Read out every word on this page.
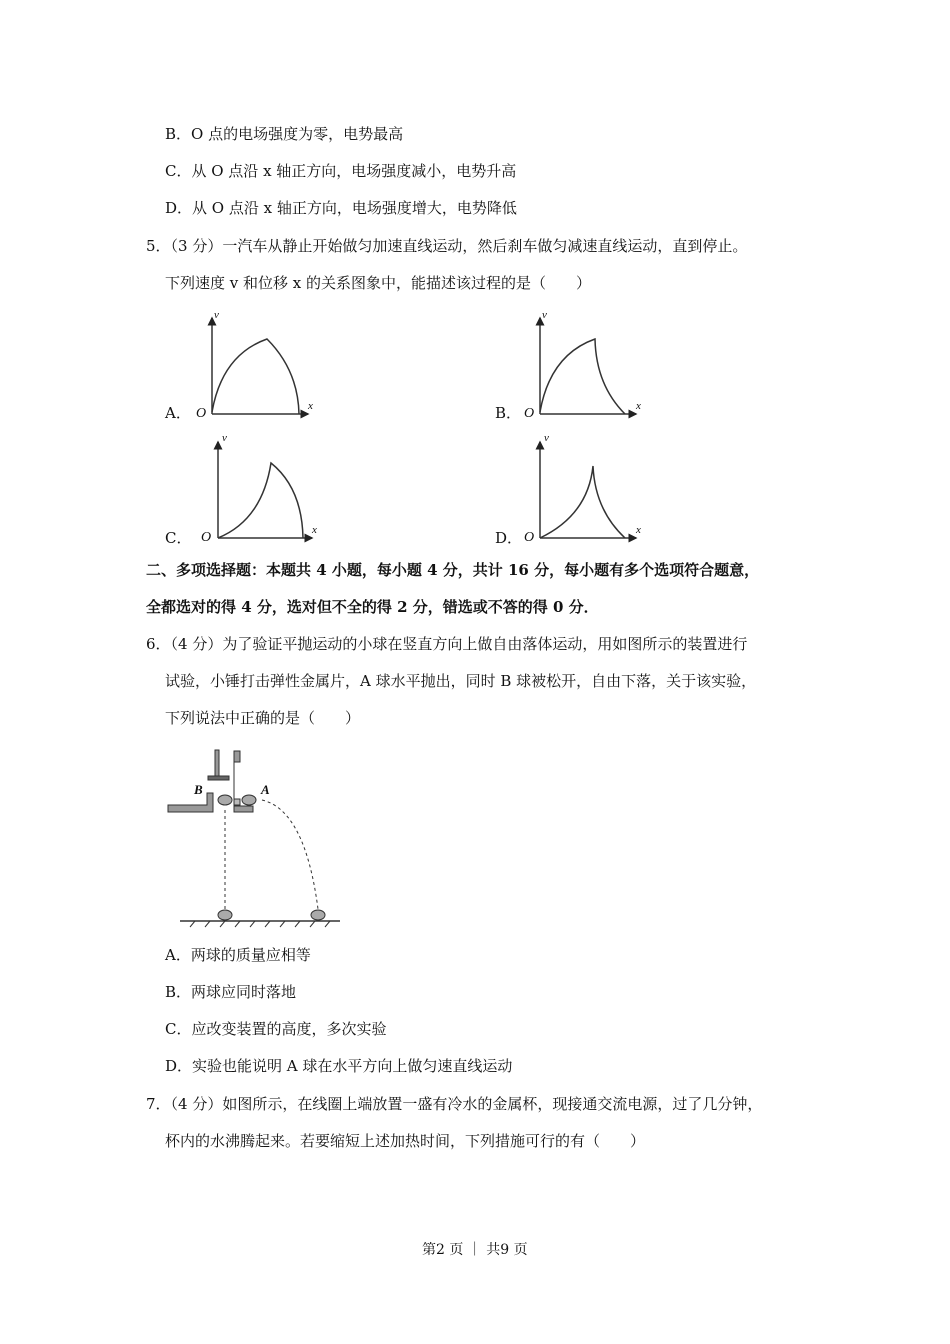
B．O 点的电场强度为零，电势最高
C．从 O 点沿 x 轴正方向，电场强度减小，电势升高
D．从 O 点沿 x 轴正方向，电场强度增大，电势降低
5．（3 分）一汽车从静止开始做匀加速直线运动，然后刹车做匀减速直线运动，直到停止。
下列速度 v 和位移 x 的关系图象中，能描述该过程的是（　　）
A．	B．
C．	D．
v
x
O
v
x
O
v
x
O
v
x
O
B	A
二、多项选择题：本题共 4 小题，每小题 4 分，共计 16 分，每小题有多个选项符合题意，
全都选对的得 4 分，选对但不全的得 2 分，错选或不答的得 0 分．
6．（4 分）为了验证平抛运动的小球在竖直方向上做自由落体运动，用如图所示的装置进行
试验，小锤打击弹性金属片，A 球水平抛出，同时 B 球被松开，自由下落，关于该实验，
下列说法中正确的是（　　）
A．两球的质量应相等
B．两球应同时落地
C．应改变装置的高度，多次实验
D．实验也能说明 A 球在水平方向上做匀速直线运动
7．（4 分）如图所示，在线圈上端放置一盛有冷水的金属杯，现接通交流电源，过了几分钟，
杯内的水沸腾起来。若要缩短上述加热时间，下列措施可行的有（　　）
第2 页 ｜ 共9 页
